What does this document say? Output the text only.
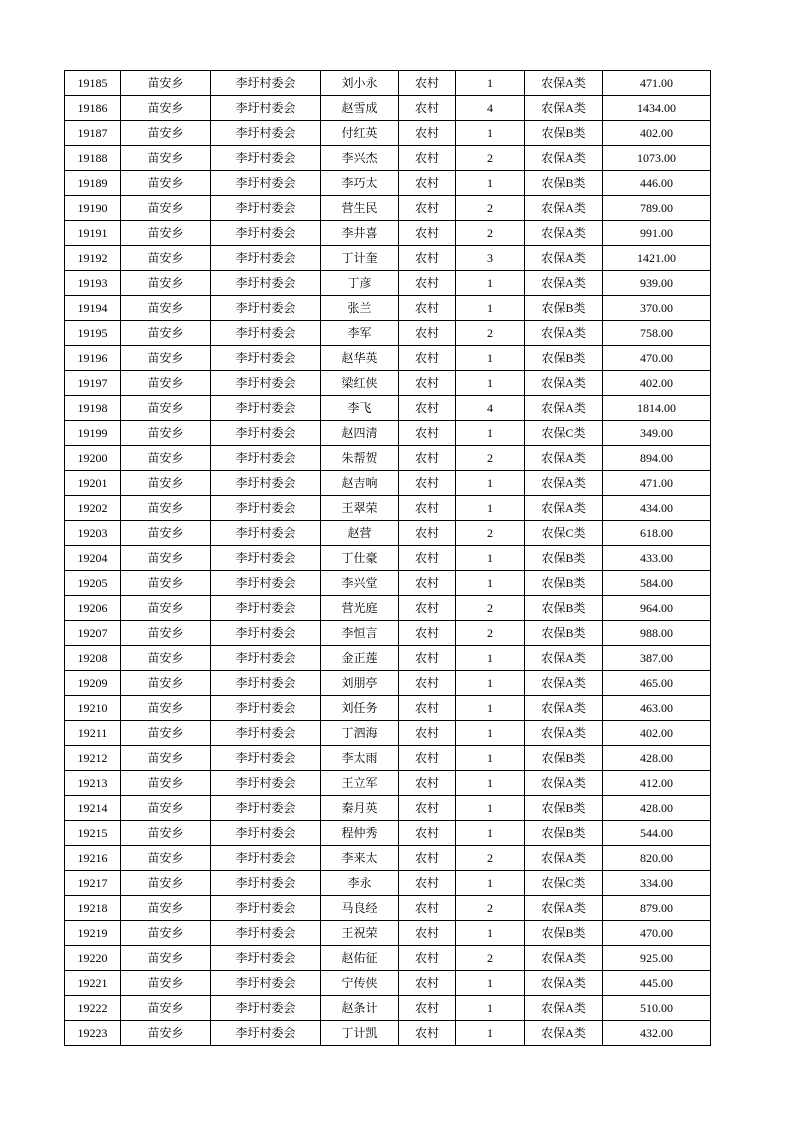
19185	苗安乡	李圩村委会	刘小永	农村	1	农保A类	471.00
19186	苗安乡	李圩村委会	赵雪成	农村	4	农保A类	1434.00
19187	苗安乡	李圩村委会	付红英	农村	1	农保B类	402.00
19188	苗安乡	李圩村委会	李兴杰	农村	2	农保A类	1073.00
19189	苗安乡	李圩村委会	李巧太	农村	1	农保B类	446.00
19190	苗安乡	李圩村委会	营生民	农村	2	农保A类	789.00
19191	苗安乡	李圩村委会	李井喜	农村	2	农保A类	991.00
19192	苗安乡	李圩村委会	丁计奎	农村	3	农保A类	1421.00
19193	苗安乡	李圩村委会	丁彦	农村	1	农保A类	939.00
19194	苗安乡	李圩村委会	张兰	农村	1	农保B类	370.00
19195	苗安乡	李圩村委会	李军	农村	2	农保A类	758.00
19196	苗安乡	李圩村委会	赵华英	农村	1	农保B类	470.00
19197	苗安乡	李圩村委会	梁红侠	农村	1	农保A类	402.00
19198	苗安乡	李圩村委会	李飞	农村	4	农保A类	1814.00
19199	苗安乡	李圩村委会	赵四清	农村	1	农保C类	349.00
19200	苗安乡	李圩村委会	朱帮贺	农村	2	农保A类	894.00
19201	苗安乡	李圩村委会	赵吉响	农村	1	农保A类	471.00
19202	苗安乡	李圩村委会	王翠荣	农村	1	农保A类	434.00
19203	苗安乡	李圩村委会	赵营	农村	2	农保C类	618.00
19204	苗安乡	李圩村委会	丁仕豪	农村	1	农保B类	433.00
19205	苗安乡	李圩村委会	李兴堂	农村	1	农保B类	584.00
19206	苗安乡	李圩村委会	营光庭	农村	2	农保B类	964.00
19207	苗安乡	李圩村委会	李恒言	农村	2	农保B类	988.00
19208	苗安乡	李圩村委会	金正莲	农村	1	农保A类	387.00
19209	苗安乡	李圩村委会	刘朋亭	农村	1	农保A类	465.00
19210	苗安乡	李圩村委会	刘任务	农村	1	农保A类	463.00
19211	苗安乡	李圩村委会	丁泗海	农村	1	农保A类	402.00
19212	苗安乡	李圩村委会	李太雨	农村	1	农保B类	428.00
19213	苗安乡	李圩村委会	王立军	农村	1	农保A类	412.00
19214	苗安乡	李圩村委会	秦月英	农村	1	农保B类	428.00
19215	苗安乡	李圩村委会	程仲秀	农村	1	农保B类	544.00
19216	苗安乡	李圩村委会	李来太	农村	2	农保A类	820.00
19217	苗安乡	李圩村委会	李永	农村	1	农保C类	334.00
19218	苗安乡	李圩村委会	马良经	农村	2	农保A类	879.00
19219	苗安乡	李圩村委会	王祝荣	农村	1	农保B类	470.00
19220	苗安乡	李圩村委会	赵佑征	农村	2	农保A类	925.00
19221	苗安乡	李圩村委会	宁传侠	农村	1	农保A类	445.00
19222	苗安乡	李圩村委会	赵条计	农村	1	农保A类	510.00
19223	苗安乡	李圩村委会	丁计凯	农村	1	农保A类	432.00
